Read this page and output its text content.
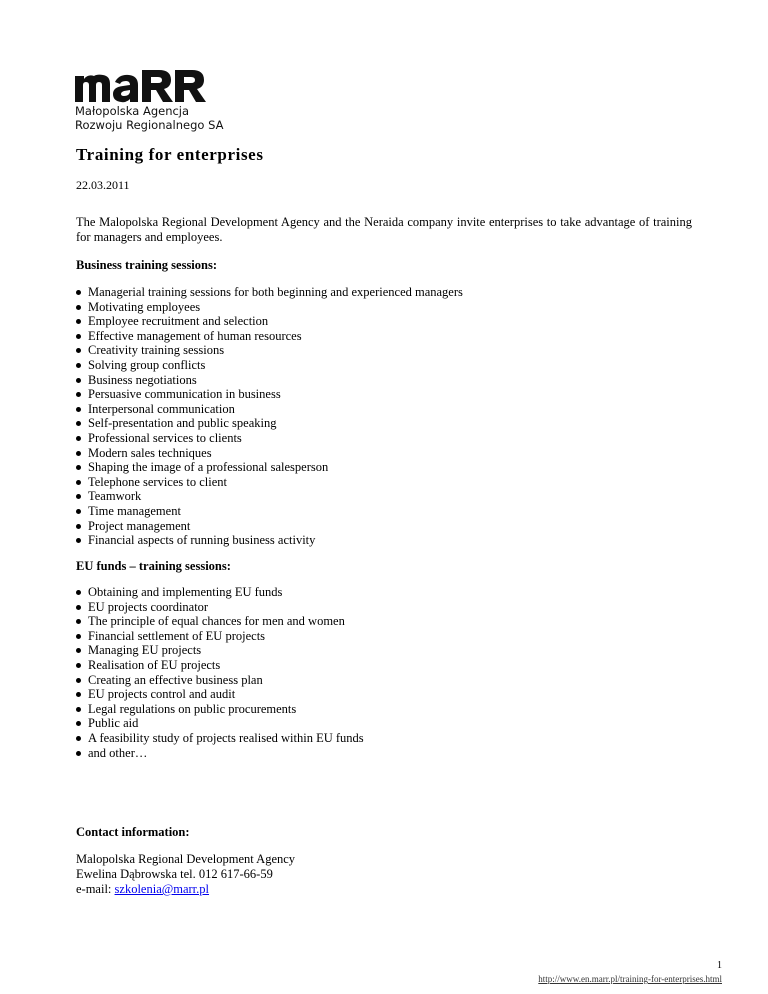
Małopolska Agencja
Rozwoju Regionalnego SA
Training for enterprises
22.03.2011

The Malopolska Regional Development Agency and the Neraida company invite enterprises to take advantage of training for managers and employees.

Business training sessions:
Managerial training sessions for both beginning and experienced managers
Motivating employees
Employee recruitment and selection
Effective management of human resources
Creativity training sessions
Solving group conflicts
Business negotiations
Persuasive communication in business
Interpersonal communication
Self-presentation and public speaking
Professional services to clients
Modern sales techniques
Shaping the image of a professional salesperson
Telephone services to client
Teamwork
Time management
Project management
Financial aspects of running business activity
EU funds – training sessions:
Obtaining and implementing EU funds
EU projects coordinator
The principle of equal chances for men and women
Financial settlement of EU projects
Managing EU projects
Realisation of EU projects
Creating an effective business plan
EU projects control and audit
Legal regulations on public procurements
Public aid
A feasibility study of projects realised within EU funds
and other…
Contact information:
Malopolska Regional Development Agency
Ewelina Dąbrowska tel. 012 617-66-59
e-mail: szkolenia@marr.pl
1
http://www.en.marr.pl/training-for-enterprises.html
